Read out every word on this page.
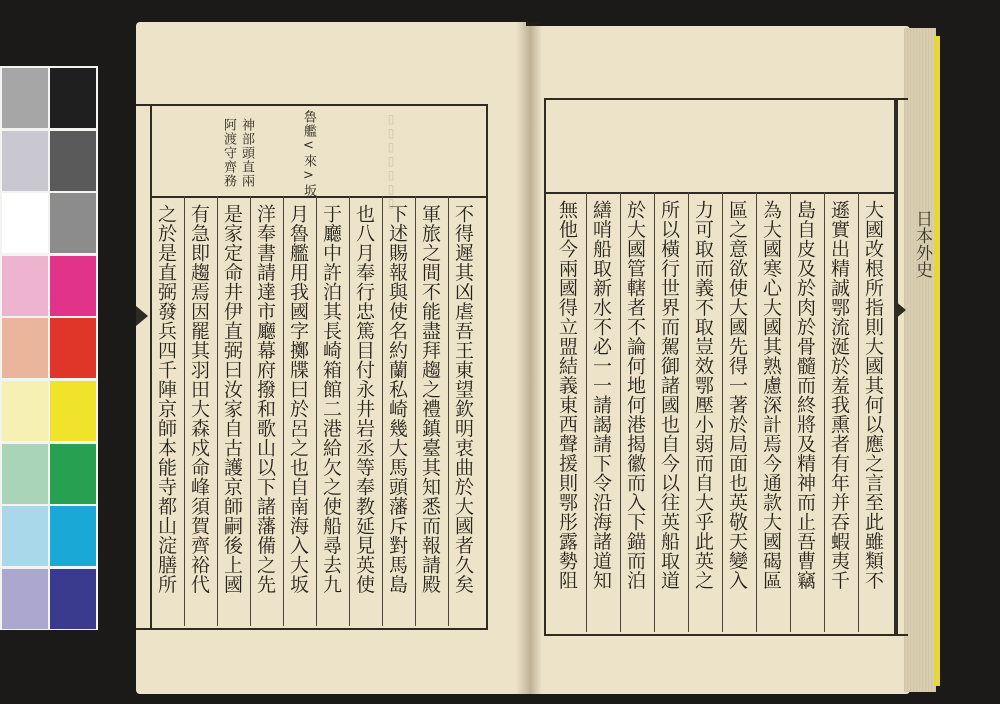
魯艦<來>坂
神部頭直兩
阿渡守齊務	▯▯▯▯▯▯▯
不得遲其凶虐吾王東望欽明衷曲於大國者久矣
軍旅之間不能盡拜趨之禮鎮臺其知悉而報請殿
下述賜報與使名約蘭私崎幾大馬頭藩斥對馬島
也八月奉行忠篤目付永井岩丞等奉教延見英使
于廳中許泊其長崎箱館二港給欠之使船尋去九
月魯艦用我國字擲牒曰於呂之也自南海入大坂
洋奉書請達市廳幕府撥和歌山以下諸藩備之先
是家定命井伊直弼曰汝家自古護京師嗣後上國
有急即趨焉因罷其羽田大森戍命峰須賀齊裕代
之於是直弼發兵四千陣京師本能寺都山淀膳所	大國改根所指則大國其何以應之言至此雖類不
遜實出精誠鄂流涎於羞我熏者有年并吞蝦夷千
島自皮及於肉於骨髓而終將及精神而止吾曹竊
為大國寒心大國其熟慮深計焉今通款大國碣區
區之意欲使大國先得一著於局面也英敬天變入
力可取而義不取豈效鄂壓小弱而自大乎此英之
所以橫行世界而駕御諸國也自今以往英船取道
於大國管轄者不論何地何港揭徽而入下錨而泊
繕哨船取新水不必一一請謁請下令沿海諸道知
無他今兩國得立盟結義東西聲援則鄂彤露勢阻	日本外史
